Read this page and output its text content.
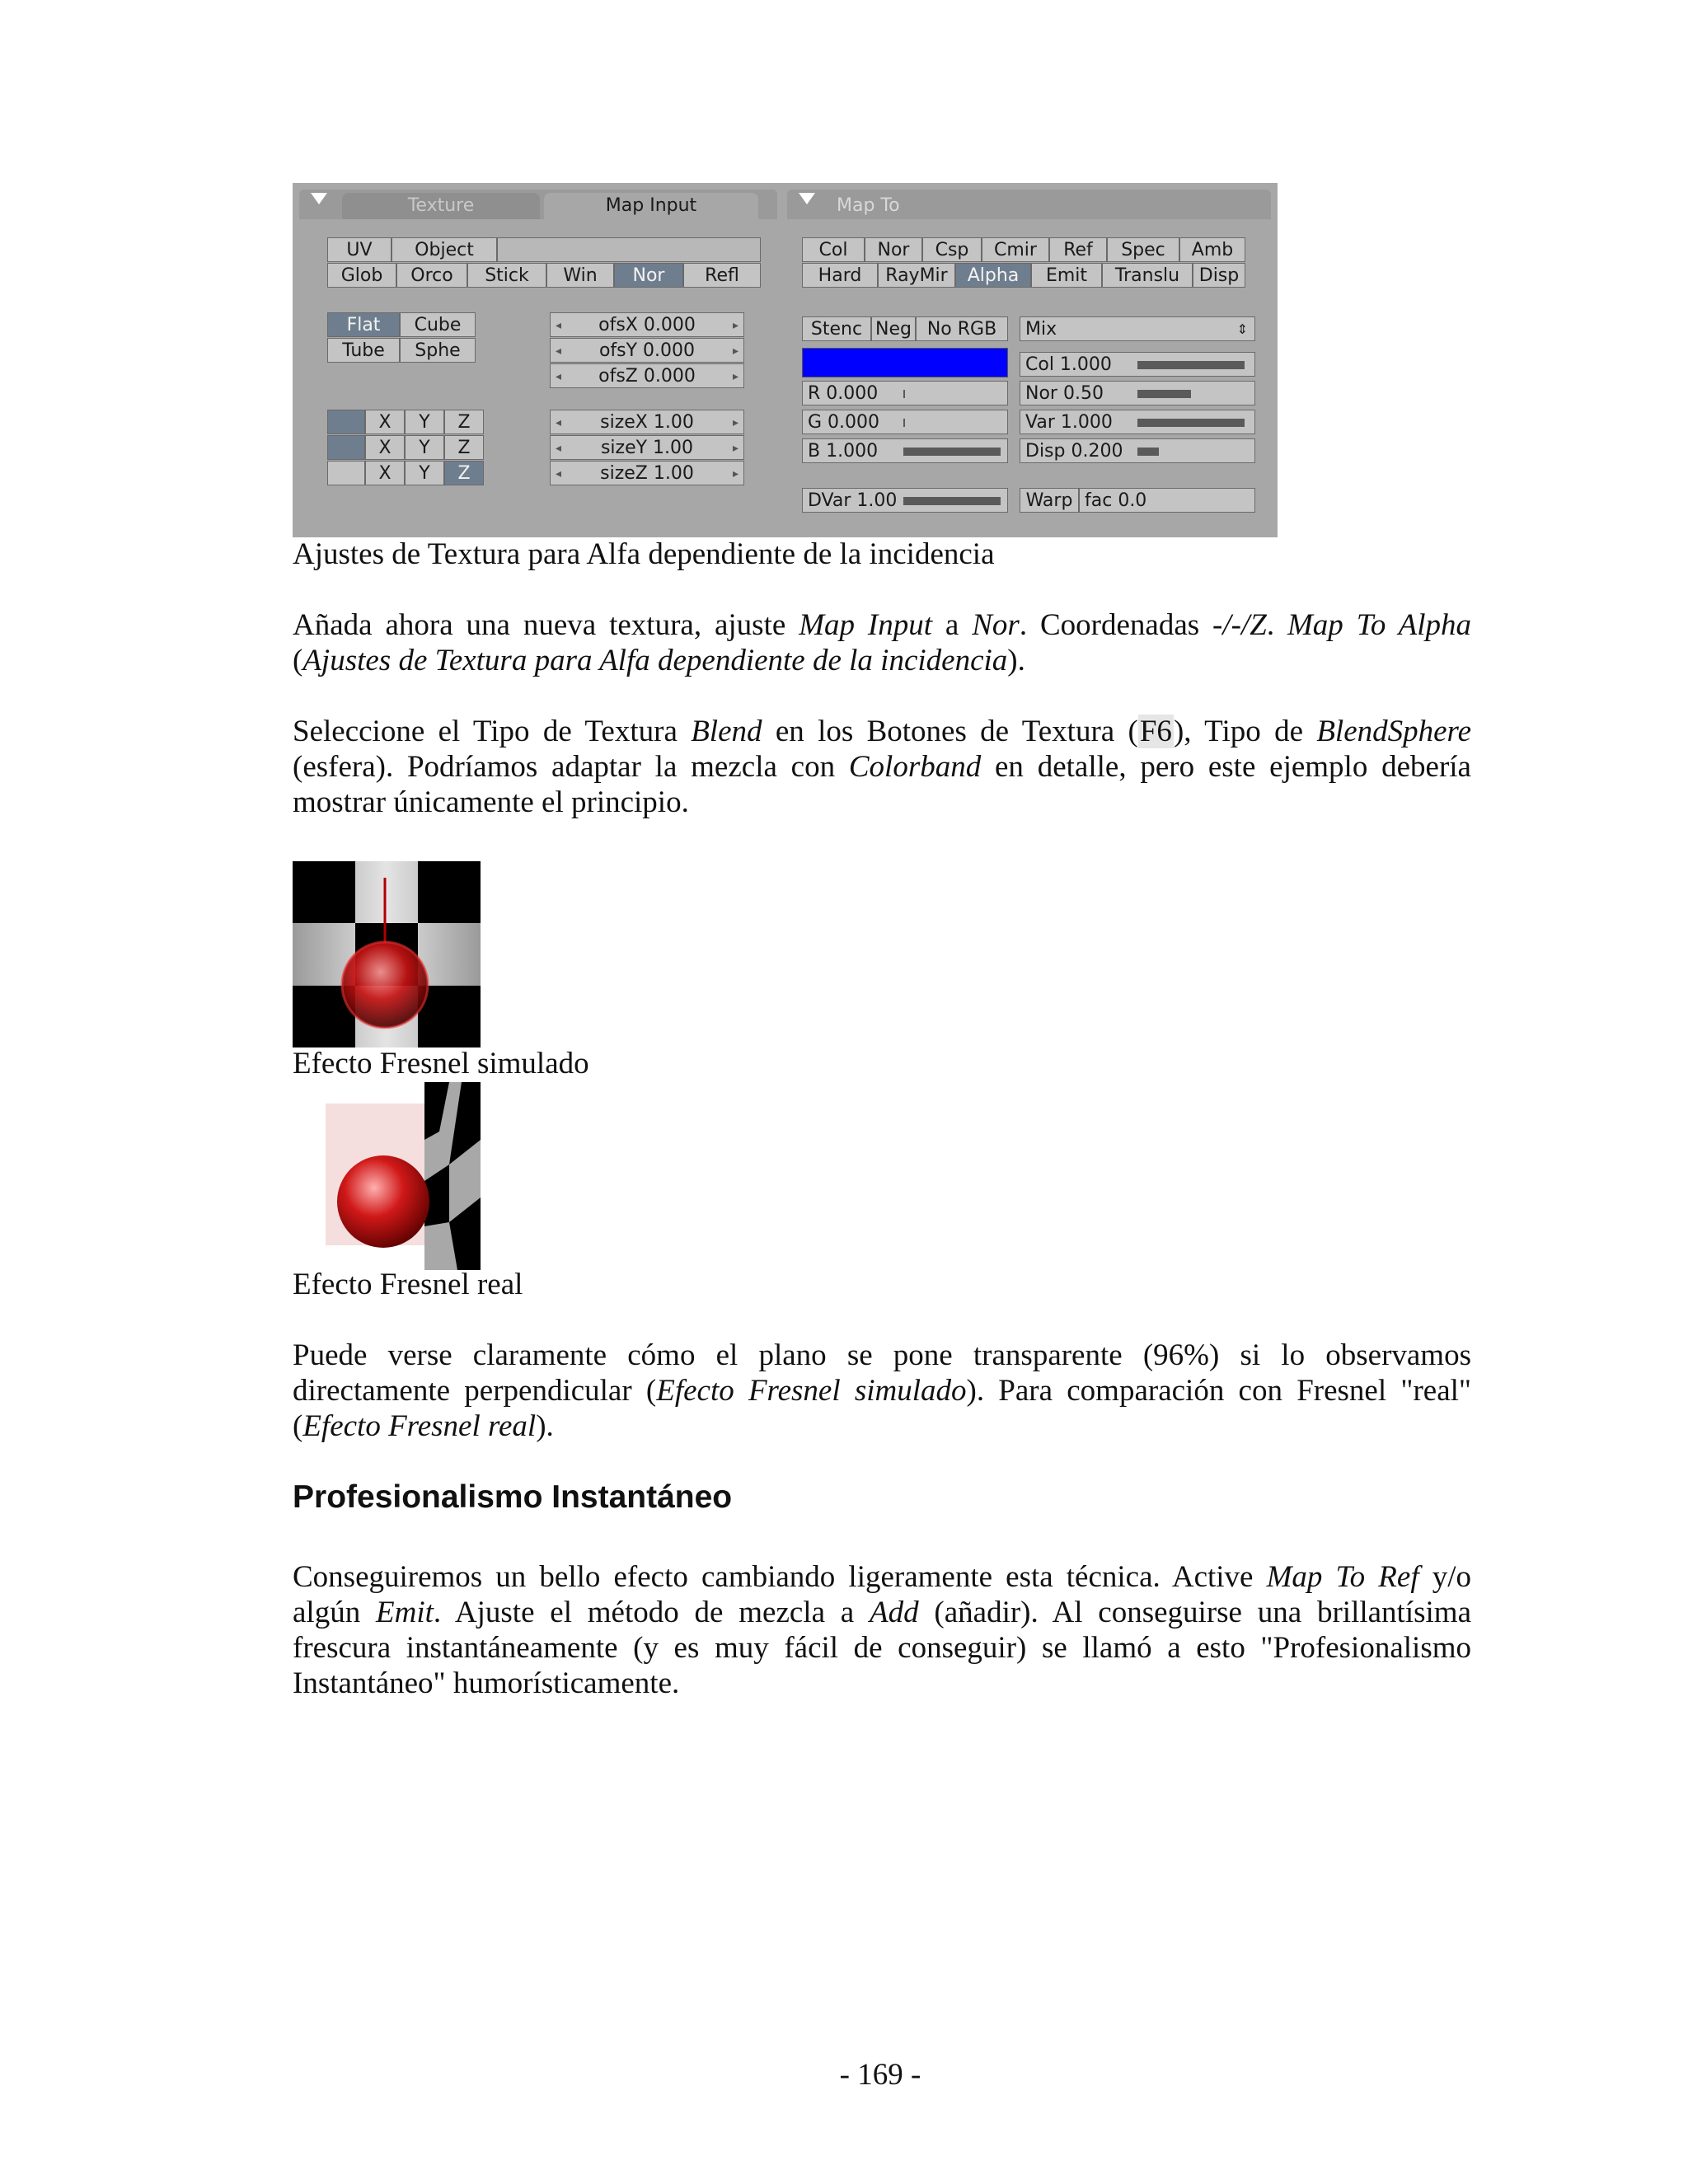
Texture	Map Input
UV	Object
Glob	Orco	Stick	Win	Nor	Refl
Flat	Cube
Tube	Sphe
X	Y	Z
X	Y	Z
X	Y	Z
◂ ofsX 0.000	▸
◂ ofsY 0.000	▸
◂ ofsZ 0.000	▸
◂ sizeX 1.00	▸
◂ sizeY 1.00	▸
◂ sizeZ 1.00	▸
Map To
Col	Nor	Csp	Cmir	Ref	Spec	Amb
Hard	RayMir	Alpha	Emit	Translu	Disp
Stenc Neg No RGB	Mix	⇕
R 0.000
G 0.000
B 1.000
Col 1.000
Nor 0.50
Var 1.000
Disp 0.200
DVar 1.00	Warp fac 0.0

Ajustes de Textura para Alfa dependiente de la incidencia

Añada ahora una nueva textura, ajuste Map Input a Nor. Coordenadas -/-/Z. Map To Alpha (Ajustes de Textura para Alfa dependiente de la incidencia).

Seleccione el Tipo de Textura Blend en los Botones de Textura (F6), Tipo de BlendSphere (esfera). Podríamos adaptar la mezcla con Colorband en detalle, pero este ejemplo debería mostrar únicamente el principio.

Efecto Fresnel simulado

Efecto Fresnel real

Puede verse claramente cómo el plano se pone transparente (96%) si lo observamos directamente perpendicular (Efecto Fresnel simulado). Para comparación con Fresnel "real" (Efecto Fresnel real).

Profesionalismo Instantáneo

Conseguiremos un bello efecto cambiando ligeramente esta técnica. Active Map To Ref y/o algún Emit. Ajuste el método de mezcla a Add (añadir). Al conseguirse una brillantísima frescura instantáneamente (y es muy fácil de conseguir) se llamó a esto "Profesionalismo Instantáneo" humorísticamente.

- 169 -
